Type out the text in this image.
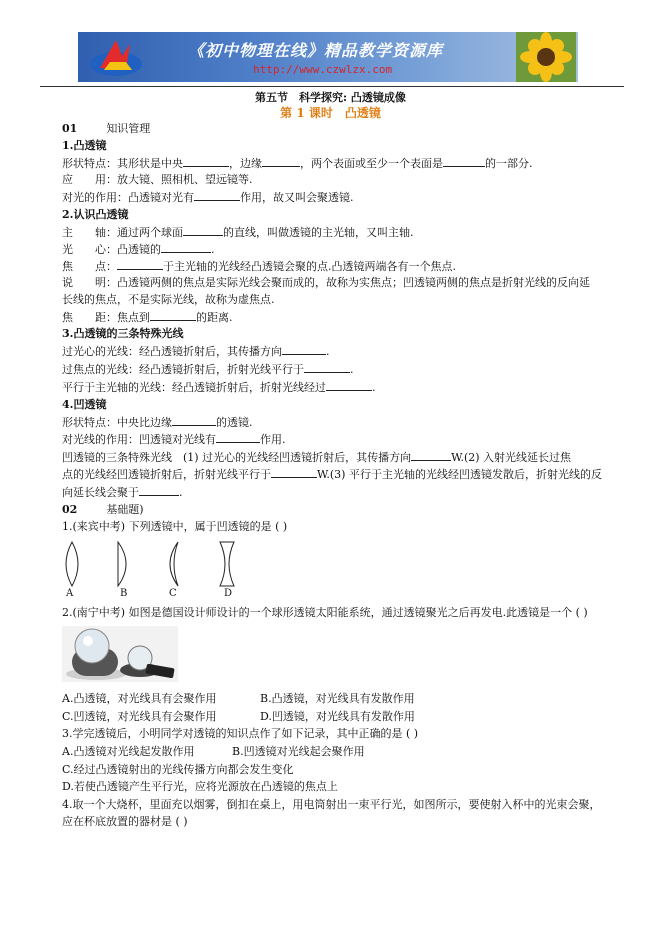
《初中物理在线》精品教学资源库
http://www.czwlzx.com
第五节　科学探究: 凸透镜成像
第 1 课时　凸透镜
01	知识管理
1.凸透镜
形状特点：其形状是中央	，边缘	，两个表面或至少一个表面是	的一部分.
应　　用：放大镜、照相机、望远镜等.
对光的作用：凸透镜对光有	作用，故又叫会聚透镜.
2.认识凸透镜
主　　轴：通过两个球面	的直线，叫做透镜的主光轴，又叫主轴.
光　　心：凸透镜的	.
焦　　点：	于主光轴的光线经凸透镜会聚的点.凸透镜两端各有一个焦点.
说　　明：凸透镜两侧的焦点是实际光线会聚而成的，故称为实焦点；凹透镜两侧的焦点是折射光线的反向延
长线的焦点，不是实际光线，故称为虚焦点.
焦　　距：焦点到	的距离.
3.凸透镜的三条特殊光线
过光心的光线：经凸透镜折射后，其传播方向	.
过焦点的光线：经凸透镜折射后，折射光线平行于	.
平行于主光轴的光线：经凸透镜折射后，折射光线经过	.
4.凹透镜
形状特点：中央比边缘	的透镜.
对光线的作用：凹透镜对光线有	作用.
凹透镜的三条特殊光线　(1) 过光心的光线经凹透镜折射后，其传播方向	W.(2) 入射光线延长过焦
点的光线经凹透镜折射后，折射光线平行于	W.(3) 平行于主光轴的光线经凹透镜发散后，折射光线的反
向延长线会聚于	.
02	基础题)
1.(来宾中考) 下列透镜中，属于凹透镜的是 ( )
A	B	C	D
2.(南宁中考) 如图是德国设计师设计的一个球形透镜太阳能系统，通过透镜聚光之后再发电.此透镜是一个 ( )
A.凸透镜，对光线具有会聚作用	B.凸透镜，对光线具有发散作用
C.凹透镜，对光线具有会聚作用	D.凹透镜，对光线具有发散作用
3.学完透镜后，小明同学对透镜的知识点作了如下记录，其中正确的是 ( )
A.凸透镜对光线起发散作用	B.凹透镜对光线起会聚作用
C.经过凸透镜射出的光线传播方向都会发生变化
D.若使凸透镜产生平行光，应将光源放在凸透镜的焦点上
4.取一个大烧杯，里面充以烟雾，倒扣在桌上，用电筒射出一束平行光，如图所示，要使射入杯中的光束会聚，
应在杯底放置的器材是 ( )
